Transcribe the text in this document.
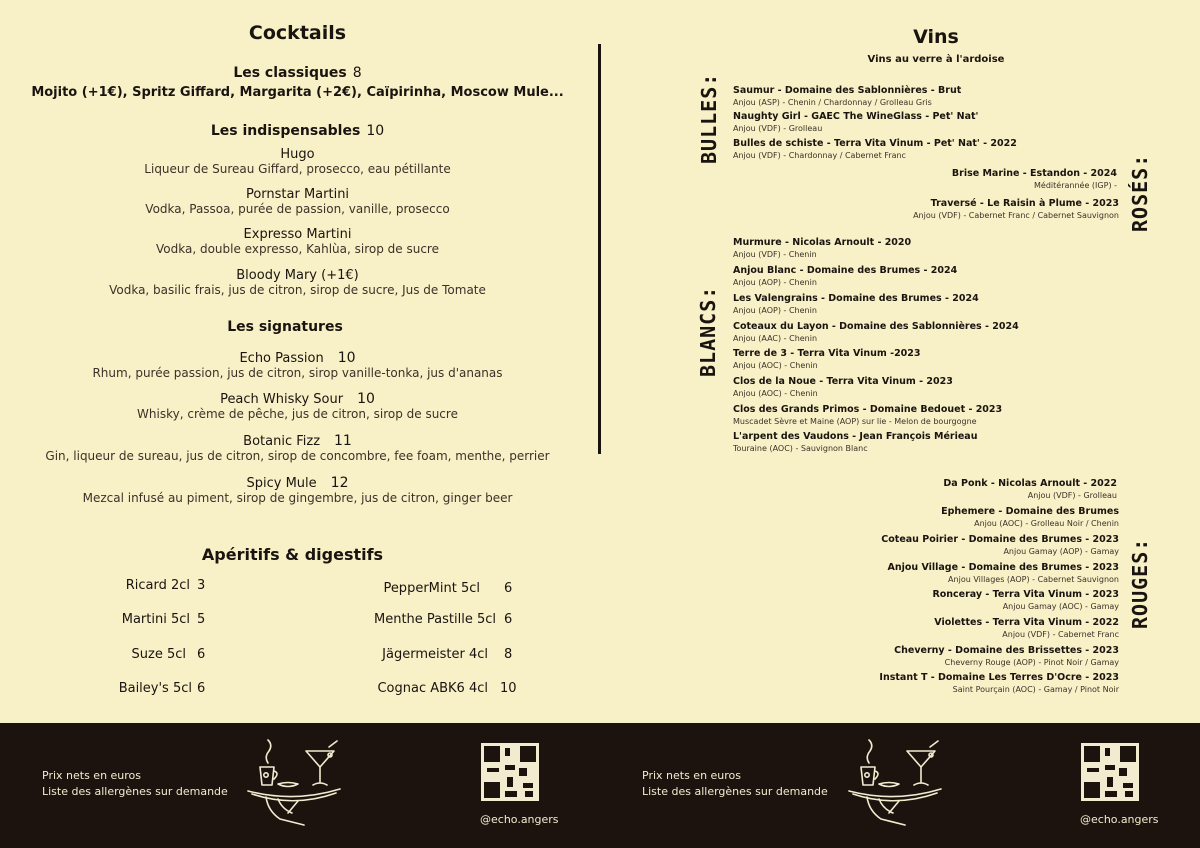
Cocktails
Les classiques 8
Mojito (+1€), Spritz Giffard, Margarita (+2€), Caïpirinha, Moscow Mule...
Les indispensables 10
Hugo
Liqueur de Sureau Giffard, prosecco, eau pétillante
Pornstar Martini
Vodka, Passoa, purée de passion, vanille, prosecco
Expresso Martini
Vodka, double expresso, Kahlùa, sirop de sucre
Bloody Mary (+1€)
Vodka, basilic frais, jus de citron, sirop de sucre, Jus de Tomate
Les signatures
Echo Passion 10
Rhum, purée passion, jus de citron, sirop vanille-tonka, jus d'ananas
Peach Whisky Sour 10
Whisky, crème de pêche, jus de citron, sirop de sucre
Botanic Fizz 11
Gin, liqueur de sureau, jus de citron, sirop de concombre, fee foam, menthe, perrier
Spicy Mule 12
Mezcal infusé au piment, sirop de gingembre, jus de citron, ginger beer
Apéritifs & digestifs
Ricard 2cl 3
Martini 5cl 5
Suze 5cl 6
Bailey's 5cl 6
PepperMint 5cl 6
Menthe Pastille 5cl 6
Jägermeister 4cl 8
Cognac ABK6 4cl 10
Vins
Vins au verre à l'ardoise
BULLES:
ROSÉS:
BLANCS:
ROUGES:
Saumur - Domaine des Sablonnières - Brut
Anjou (ASP) - Chenin / Chardonnay / Grolleau Gris
Naughty Girl - GAEC The WineGlass - Pet' Nat'
Anjou (VDF) - Grolleau
Bulles de schiste - Terra Vita Vinum - Pet' Nat' - 2022
Anjou (VDF) - Chardonnay / Cabernet Franc
Brise Marine - Estandon - 2024
Méditérannée (IGP) -
Traversé - Le Raisin à Plume - 2023
Anjou (VDF) - Cabernet Franc / Cabernet Sauvignon
Murmure - Nicolas Arnoult - 2020
Anjou (VDF) - Chenin
Anjou Blanc - Domaine des Brumes - 2024
Anjou (AOP) - Chenin
Les Valengrains - Domaine des Brumes - 2024
Anjou (AOP) - Chenin
Coteaux du Layon - Domaine des Sablonnières - 2024
Anjou (AAC) - Chenin
Terre de 3 - Terra Vita Vinum -2023
Anjou (AOC) - Chenin
Clos de la Noue - Terra Vita Vinum - 2023
Anjou (AOC) - Chenin
Clos des Grands Primos - Domaine Bedouet - 2023
Muscadet Sèvre et Maine (AOP) sur lie - Melon de bourgogne
L'arpent des Vaudons - Jean François Mérieau
Touraine (AOC) - Sauvignon Blanc
Da Ponk - Nicolas Arnoult - 2022
Anjou (VDF) - Grolleau
Ephemere - Domaine des Brumes
Anjou (AOC) - Grolleau Noir / Chenin
Coteau Poirier - Domaine des Brumes - 2023
Anjou Gamay (AOP) - Gamay
Anjou Village - Domaine des Brumes - 2023
Anjou Villages (AOP) - Cabernet Sauvignon
Ronceray - Terra Vita Vinum - 2023
Anjou Gamay (AOC) - Gamay
Violettes - Terra Vita Vinum - 2022
Anjou (VDF) - Cabernet Franc
Cheverny - Domaine des Brissettes - 2023
Cheverny Rouge (AOP) - Pinot Noir / Gamay
Instant T - Domaine Les Terres D'Ocre - 2023
Saint Pourçain (AOC) - Gamay / Pinot Noir
Prix nets en euros
Liste des allergènes sur demande
@echo.angers
Prix nets en euros
Liste des allergènes sur demande
@echo.angers
